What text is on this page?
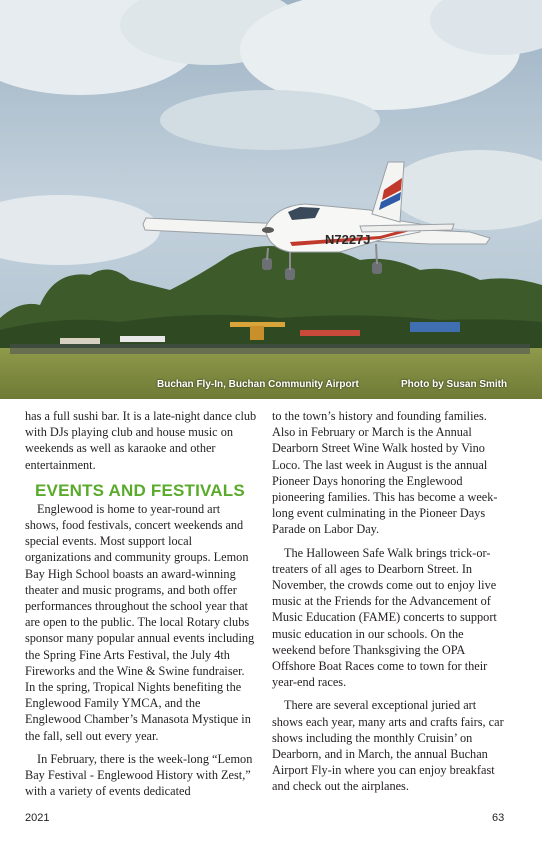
N7227J
Buchan Fly-In, Buchan Community Airport	Photo by Susan Smith

has a full sushi bar. It is a late-night dance club with DJs playing club and house music on weekends as well as karaoke and other entertainment.

EVENTS AND FESTIVALS

Englewood is home to year-round art shows, food festivals, concert weekends and special events. Most support local organizations and community groups. Lemon Bay High School boasts an award-winning theater and music programs, and both offer performances throughout the school year that are open to the public. The local Rotary clubs sponsor many popular annual events including the Spring Fine Arts Festival, the July 4th Fireworks and the Wine & Swine fundraiser. In the spring, Tropical Nights benefiting the Englewood Family YMCA, and the Englewood Chamber’s Manasota Mystique in the fall, sell out every year.

In February, there is the week-long “Lemon Bay Festival - Englewood History with Zest,” with a variety of events dedicated

to the town’s history and founding families. Also in February or March is the Annual Dearborn Street Wine Walk hosted by Vino Loco. The last week in August is the annual Pioneer Days honoring the Englewood pioneering families. This has become a week-long event culminating in the Pioneer Days Parade on Labor Day.

The Halloween Safe Walk brings trick-or-treaters of all ages to Dearborn Street. In November, the crowds come out to enjoy live music at the Friends for the Advancement of Music Education (FAME) concerts to support music education in our schools. On the weekend before Thanksgiving the OPA Offshore Boat Races come to town for their year-end races.

There are several exceptional juried art shows each year, many arts and crafts fairs, car shows including the monthly Cruisin’ on Dearborn, and in March, the annual Buchan Airport Fly-in where you can enjoy breakfast and check out the airplanes.

2021	63
